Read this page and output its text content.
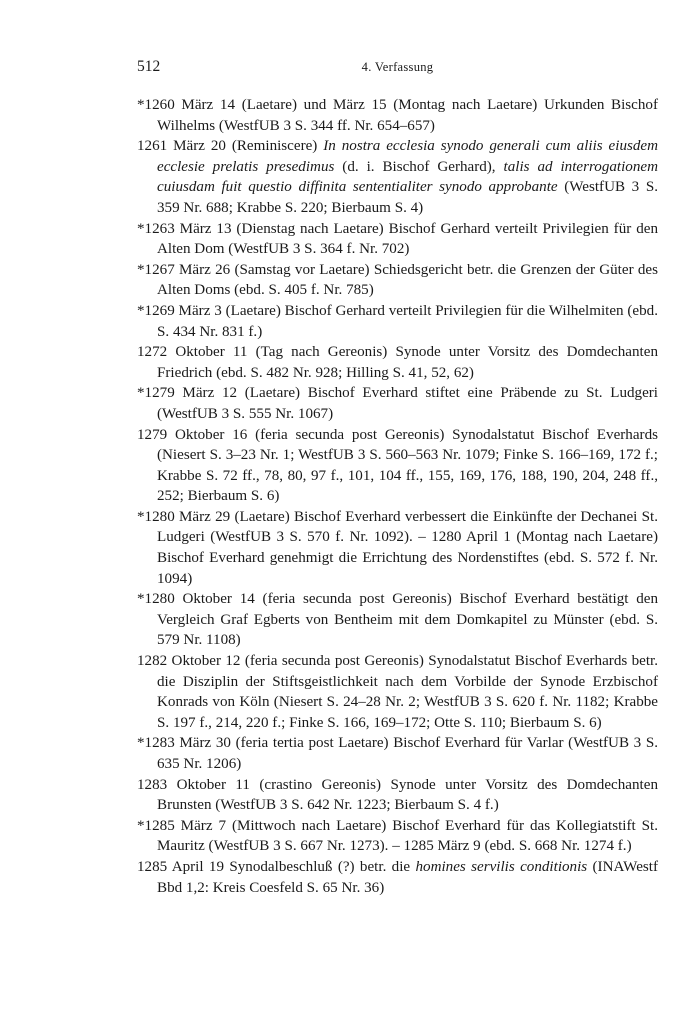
512	4. Verfassung

*1260 März 14 (Laetare) und März 15 (Montag nach Laetare) Urkunden Bischof Wilhelms (WestfUB 3 S. 344 ff. Nr. 654–657)

1261 März 20 (Reminiscere) In nostra ecclesia synodo generali cum aliis eiusdem ecclesie prelatis presedimus (d. i. Bischof Gerhard), talis ad interrogationem cuiusdam fuit questio diffinita sententialiter synodo approbante (WestfUB 3 S. 359 Nr. 688; Krabbe S. 220; Bierbaum S. 4)

*1263 März 13 (Dienstag nach Laetare) Bischof Gerhard verteilt Privilegien für den Alten Dom (WestfUB 3 S. 364 f. Nr. 702)

*1267 März 26 (Samstag vor Laetare) Schiedsgericht betr. die Grenzen der Güter des Alten Doms (ebd. S. 405 f. Nr. 785)

*1269 März 3 (Laetare) Bischof Gerhard verteilt Privilegien für die Wilhelmiten (ebd. S. 434 Nr. 831 f.)

1272 Oktober 11 (Tag nach Gereonis) Synode unter Vorsitz des Domdechanten Friedrich (ebd. S. 482 Nr. 928; Hilling S. 41, 52, 62)

*1279 März 12 (Laetare) Bischof Everhard stiftet eine Präbende zu St. Ludgeri (WestfUB 3 S. 555 Nr. 1067)

1279 Oktober 16 (feria secunda post Gereonis) Synodalstatut Bischof Everhards (Niesert S. 3–23 Nr. 1; WestfUB 3 S. 560–563 Nr. 1079; Finke S. 166–169, 172 f.; Krabbe S. 72 ff., 78, 80, 97 f., 101, 104 ff., 155, 169, 176, 188, 190, 204, 248 ff., 252; Bierbaum S. 6)

*1280 März 29 (Laetare) Bischof Everhard verbessert die Einkünfte der Dechanei St. Ludgeri (WestfUB 3 S. 570 f. Nr. 1092). – 1280 April 1 (Montag nach Laetare) Bischof Everhard genehmigt die Errichtung des Nordenstiftes (ebd. S. 572 f. Nr. 1094)

*1280 Oktober 14 (feria secunda post Gereonis) Bischof Everhard bestätigt den Vergleich Graf Egberts von Bentheim mit dem Domkapitel zu Münster (ebd. S. 579 Nr. 1108)

1282 Oktober 12 (feria secunda post Gereonis) Synodalstatut Bischof Everhards betr. die Disziplin der Stiftsgeistlichkeit nach dem Vorbilde der Synode Erzbischof Konrads von Köln (Niesert S. 24–28 Nr. 2; WestfUB 3 S. 620 f. Nr. 1182; Krabbe S. 197 f., 214, 220 f.; Finke S. 166, 169–172; Otte S. 110; Bierbaum S. 6)

*1283 März 30 (feria tertia post Laetare) Bischof Everhard für Varlar (WestfUB 3 S. 635 Nr. 1206)

1283 Oktober 11 (crastino Gereonis) Synode unter Vorsitz des Domdechanten Brunsten (WestfUB 3 S. 642 Nr. 1223; Bierbaum S. 4 f.)

*1285 März 7 (Mittwoch nach Laetare) Bischof Everhard für das Kollegiatstift St. Mauritz (WestfUB 3 S. 667 Nr. 1273). – 1285 März 9 (ebd. S. 668 Nr. 1274 f.)

1285 April 19 Synodalbeschluß (?) betr. die homines servilis conditionis (INAWestf Bbd 1,2: Kreis Coesfeld S. 65 Nr. 36)
